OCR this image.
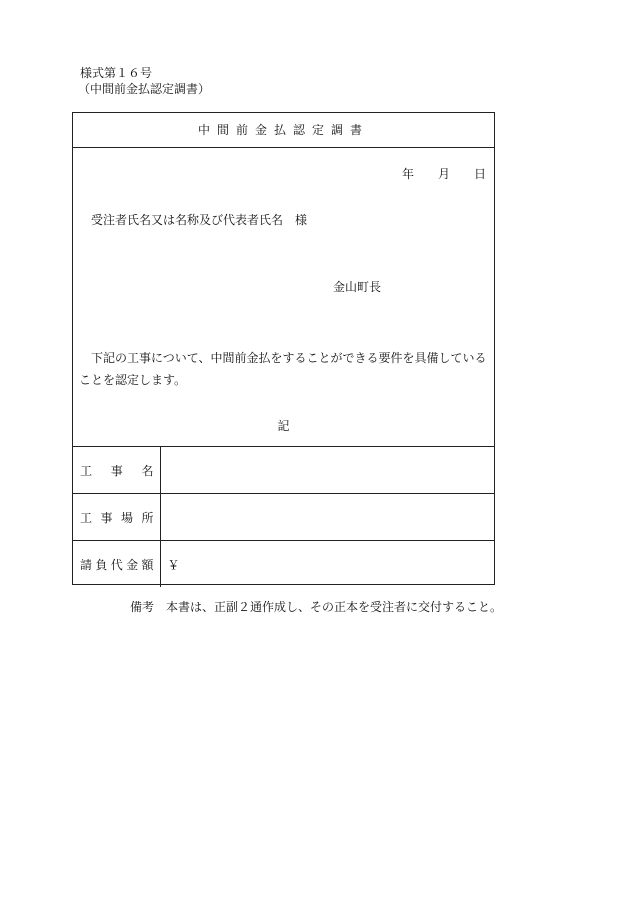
様式第１６号
（中間前金払認定調書）
中間前金払認定調書
年 月 日
受注者氏名又は名称及び代表者氏名 様
金山町長
下記の工事について、中間前金払をすることができる要件を具備していることを認定します。
記
工事名	
工事場所	
請負代金額	￥
備考 本書は、正副２通作成し、その正本を受注者に交付すること。
